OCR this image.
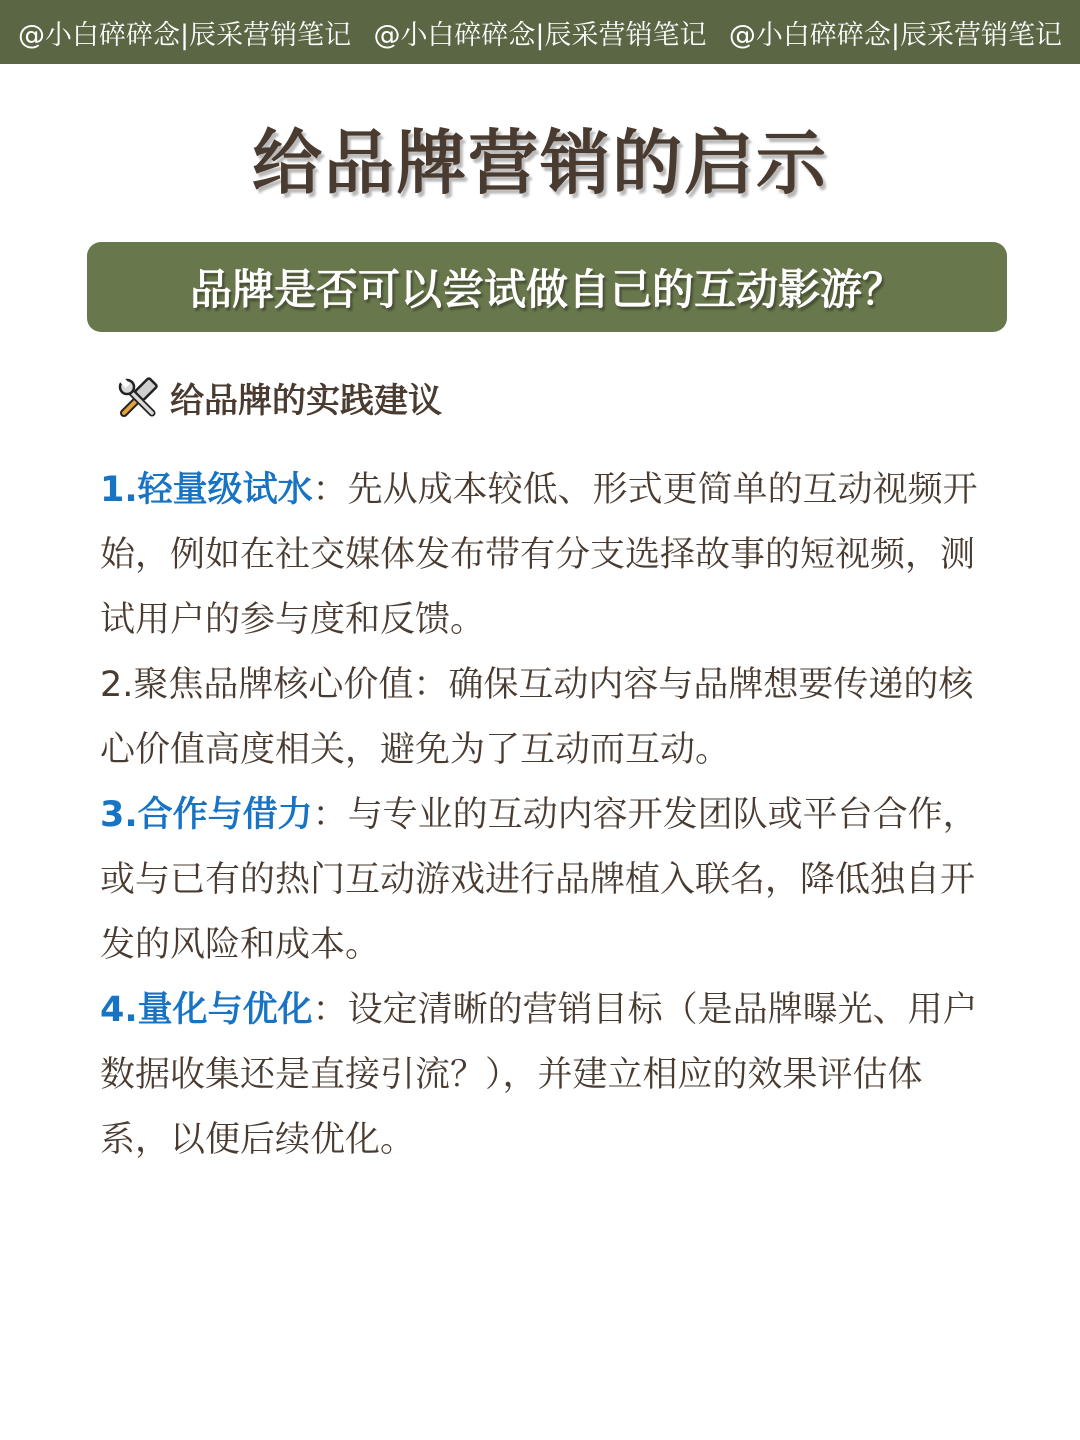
@小白碎碎念|辰采营销笔记 @小白碎碎念|辰采营销笔记 @小白碎碎念|辰采营销笔记
给品牌营销的启示
品牌是否可以尝试做自己的互动影游？
给品牌的实践建议

1.轻量级试水：先从成本较低、形式更简单的互动视频开始，例如在社交媒体发布带有分支选择故事的短视频，测试用户的参与度和反馈。

2.聚焦品牌核心价值：确保互动内容与品牌想要传递的核心价值高度相关，避免为了互动而互动。

3.合作与借力：与专业的互动内容开发团队或平台合作，或与已有的热门互动游戏进行品牌植入联名，降低独自开发的风险和成本。

4.量化与优化：设定清晰的营销目标（是品牌曝光、用户数据收集还是直接引流？），并建立相应的效果评估体系，以便后续优化。
